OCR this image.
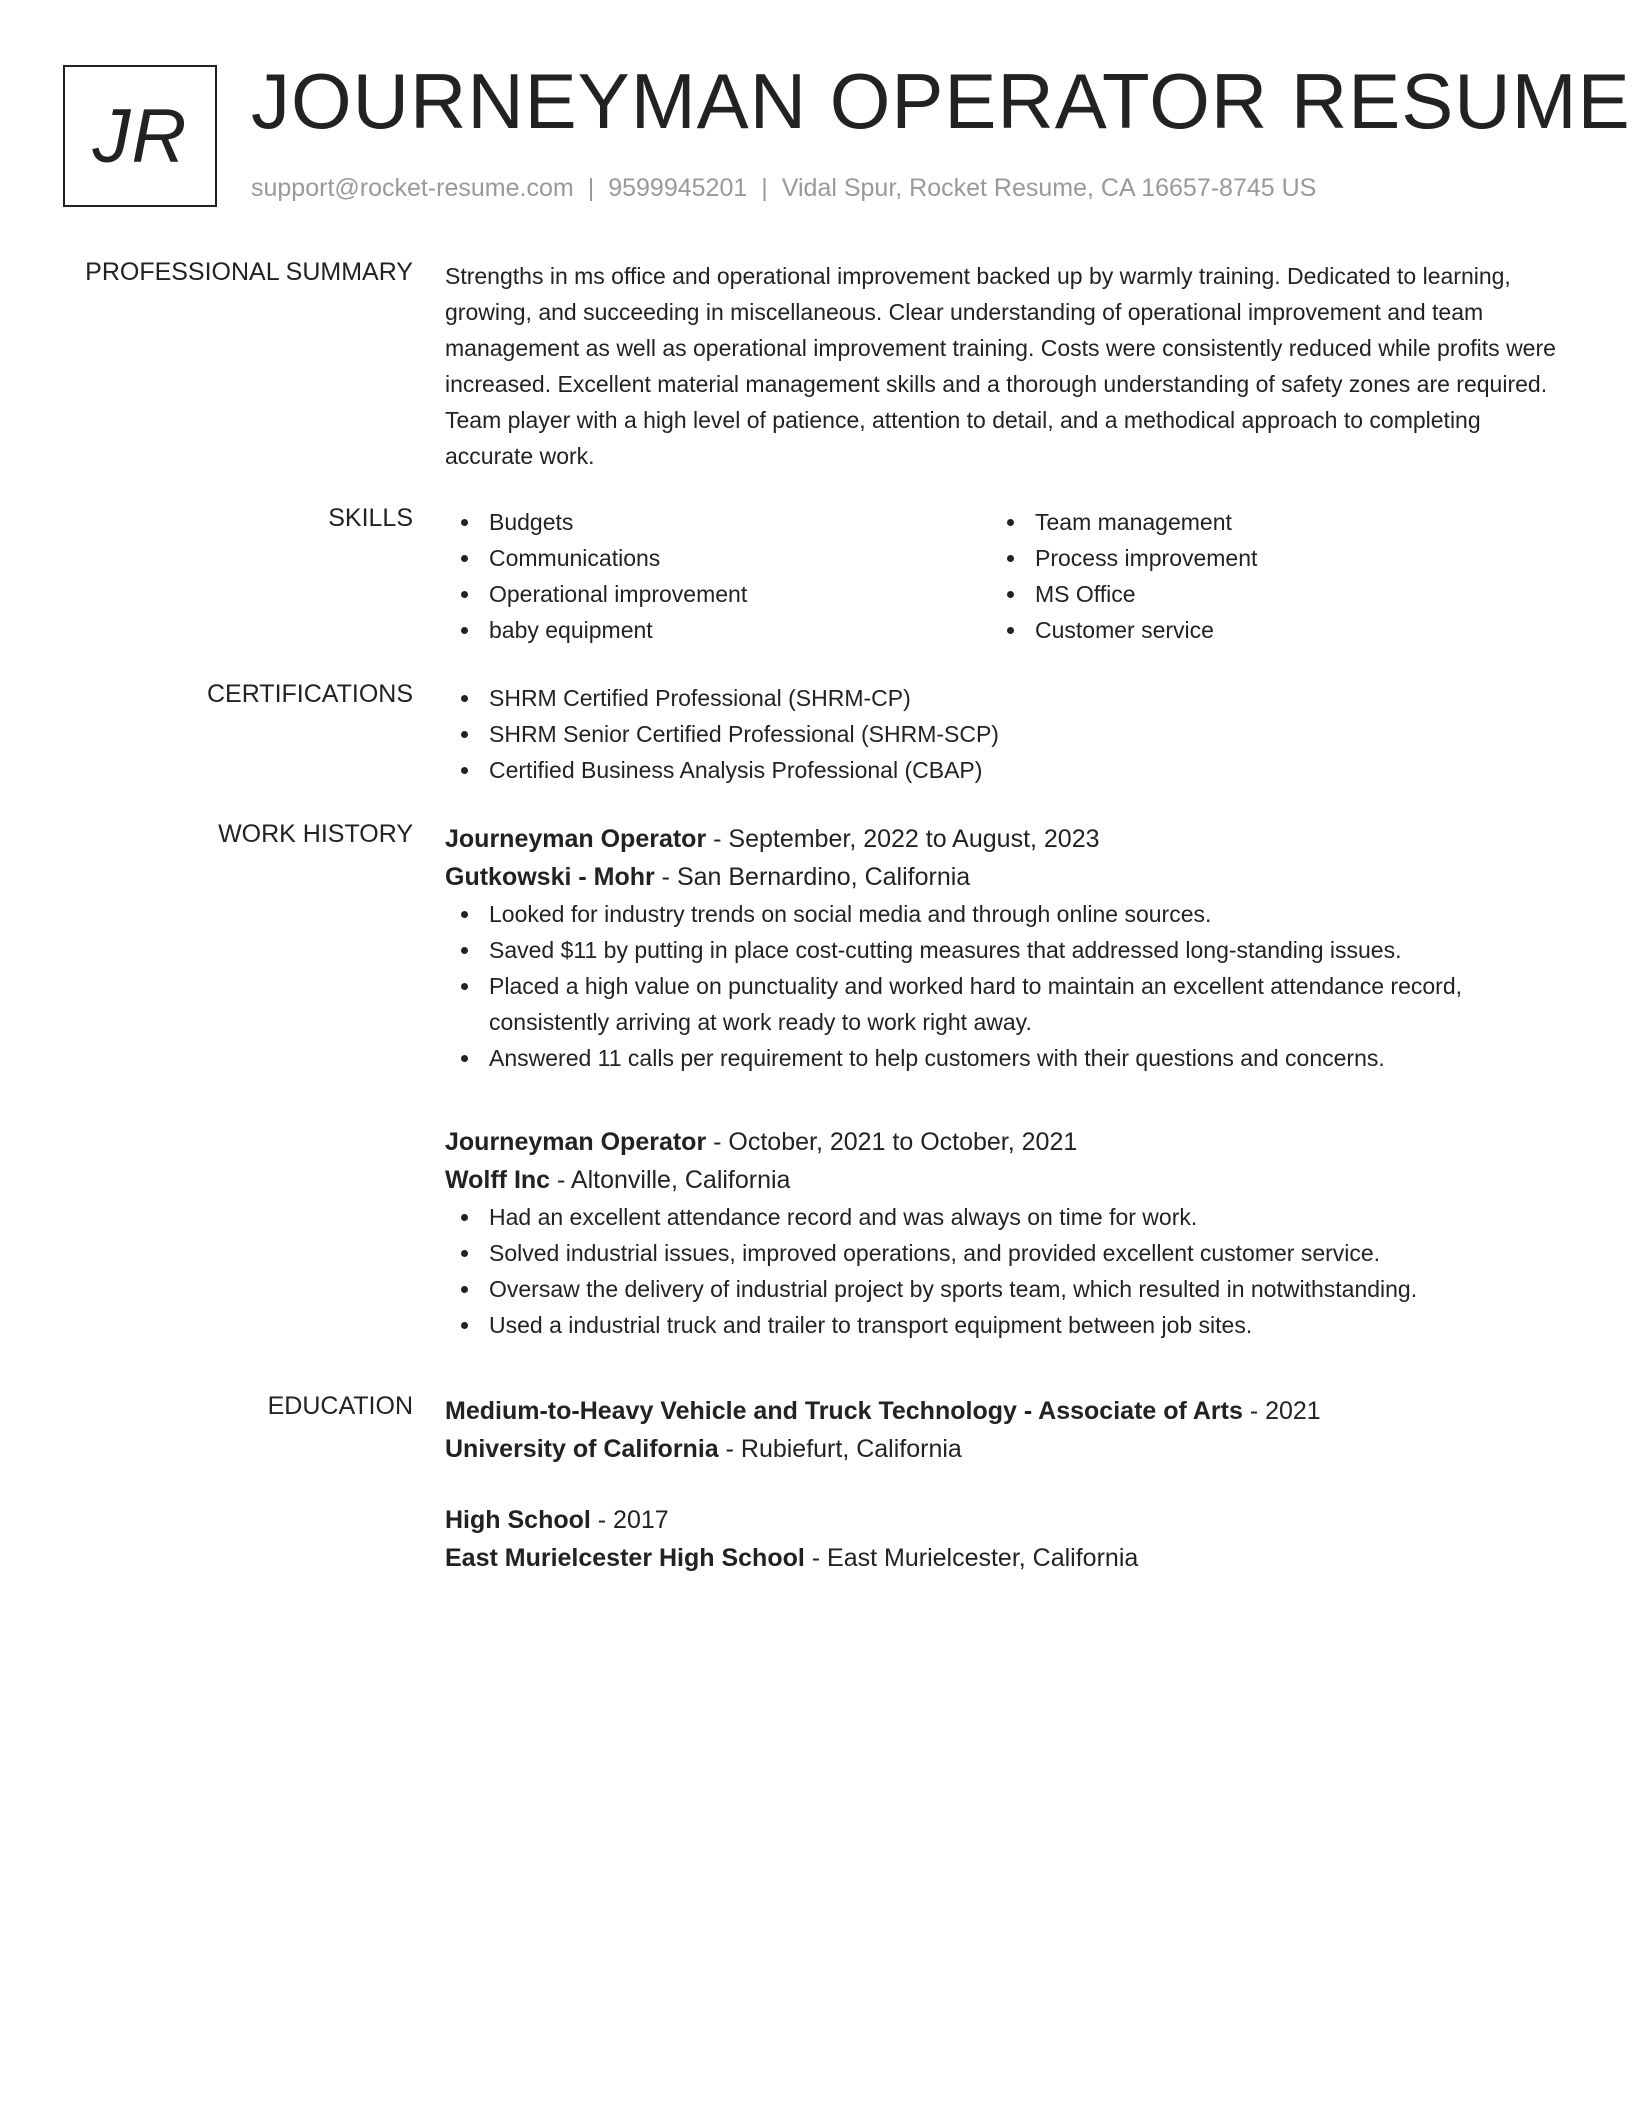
JR JOURNEYMAN OPERATOR RESUME
support@rocket-resume.com | 9599945201 | Vidal Spur, Rocket Resume, CA 16657-8745 US
PROFESSIONAL SUMMARY Strengths in ms office and operational improvement backed up by warmly training. Dedicated to learning, growing, and succeeding in miscellaneous. Clear understanding of operational improvement and team management as well as operational improvement training. Costs were consistently reduced while profits were increased. Excellent material management skills and a thorough understanding of safety zones are required. Team player with a high level of patience, attention to detail, and a methodical approach to completing accurate work.

SKILLS	Budgets
Communications
Operational improvement
baby equipment
Team management
Process improvement
MS Office
Customer service
CERTIFICATIONS	SHRM Certified Professional (SHRM-CP)
SHRM Senior Certified Professional (SHRM-SCP)
Certified Business Analysis Professional (CBAP)
WORK HISTORY Journeyman Operator - September, 2022 to August, 2023
Gutkowski - Mohr - San Bernardino, California
Looked for industry trends on social media and through online sources.
Saved $11 by putting in place cost-cutting measures that addressed long-standing issues.
Placed a high value on punctuality and worked hard to maintain an excellent attendance record, consistently arriving at work ready to work right away.
Answered 11 calls per requirement to help customers with their questions and concerns.
Journeyman Operator - October, 2021 to October, 2021
Wolff Inc - Altonville, California
Had an excellent attendance record and was always on time for work.
Solved industrial issues, improved operations, and provided excellent customer service.
Oversaw the delivery of industrial project by sports team, which resulted in notwithstanding.
Used a industrial truck and trailer to transport equipment between job sites.
EDUCATION Medium-to-Heavy Vehicle and Truck Technology - Associate of Arts - 2021
University of California - Rubiefurt, California
High School - 2017
East Murielcester High School - East Murielcester, California
